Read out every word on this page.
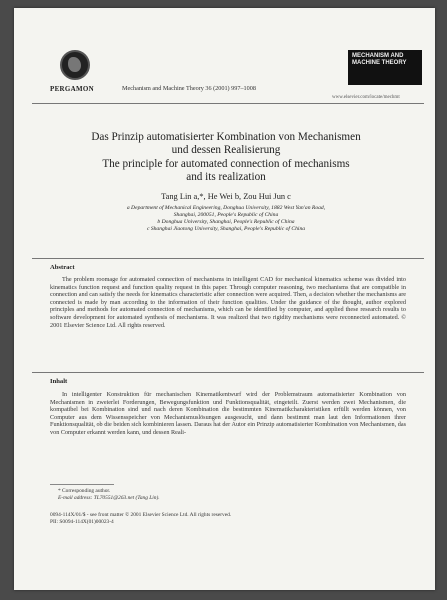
PERGAMON	Mechanism and Machine Theory 36 (2001) 997–1008
MECHANISM AND MACHINE THEORY
www.elsevier.com/locate/mechmt
Das Prinzip automatisierter Kombination von Mechanismen
und dessen Realisierung
The principle for automated connection of mechanisms
and its realization
Tang Lin a,*, He Wei b, Zou Hui Jun c
a Department of Mechanical Engineering, Donghua University, 1882 West Yan'an Road,
Shanghai, 200051, People's Republic of China
b Donghua University, Shanghai, People's Republic of China
c Shanghai Jiaotong University, Shanghai, People's Republic of China
Abstract
The problem roomage for automated connection of mechanisms in intelligent CAD for mechanical kinematics scheme was divided into kinematics function request and function quality request in this paper. Through computer reasoning, two mechanisms that are compatible in connection and can satisfy the needs for kinematics characteristic after connection were acquired. Then, a decision whether the mechanisms are connected is made by man according to the information of their function qualities. Under the guidance of the thought, author explored principles and methods for automated connection of mechanisms, which can be identified by computer, and applied these research results to software development for automated synthesis of mechanisms. It was realized that two rigidity mechanisms were reconnected automated. © 2001 Elsevier Science Ltd. All rights reserved.
Inhalt
In intelligenter Konstruktion für mechanischen Kinematikentwurf wird der Problemstraum automatisierter Kombination von Mechanismen in zweierlei Forderungen, Bewegungsfunktion und Funktionsqualität, eingeteilt. Zuerst werden zwei Mechanismen, die kompatibel bei Kombination sind und nach deren Kombination die bestimmten Kinematikcharakteristiken erfüllt werden können, von Computer aus dem Wissensspeicher von Mechanismuslösungen ausgesucht, und dann bestimmt man laut den Informationen ihrer Funktionsqualität, ob die beiden sich kombinieren lassen. Daraus hat der Autor ein Prinzip automatisierter Kombination von Mechanismen, das von Computer erkannt werden kann, und dessen Reali-
* Corresponding author.
E-mail address: TL70551@263.net (Tang Lin).
0094-114X/01/$ - see front matter © 2001 Elsevier Science Ltd. All rights reserved.
PII: S0094-114X(01)00023-4
